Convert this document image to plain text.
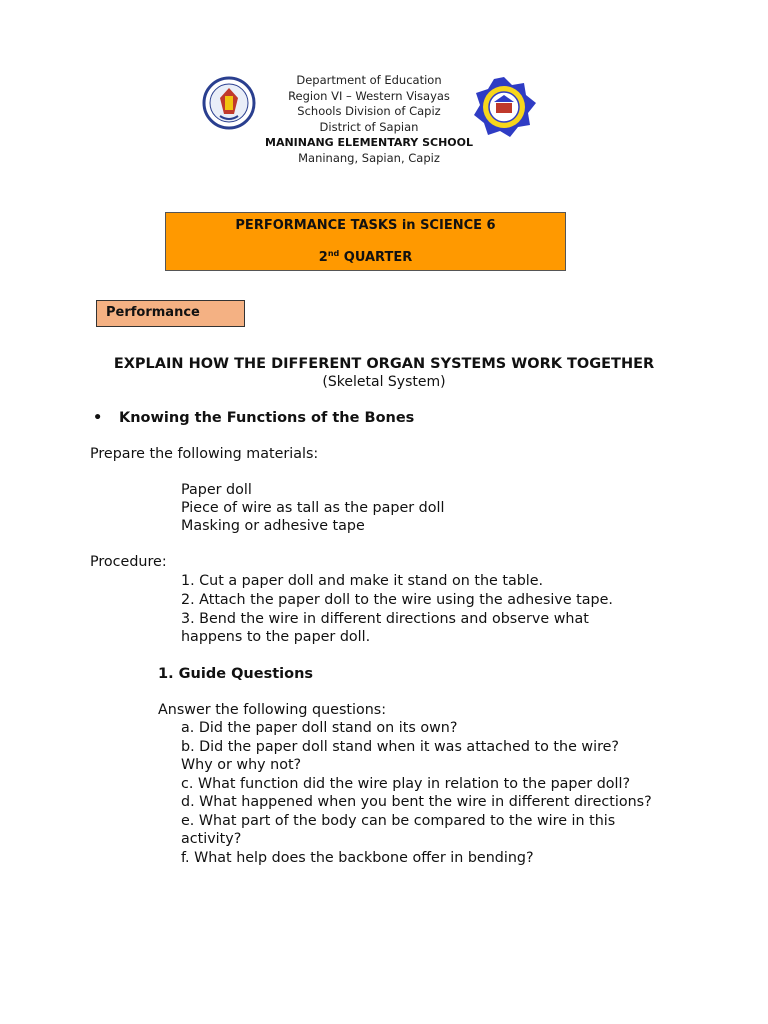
Department of Education
Region VI – Western Visayas
Schools Division of Capiz
District of Sapian
MANINANG ELEMENTARY SCHOOL
Maninang, Sapian, Capiz
PERFORMANCE TASKS in SCIENCE 6
2nd QUARTER
Performance
EXPLAIN HOW THE DIFFERENT ORGAN SYSTEMS WORK TOGETHER
(Skeletal System)
• Knowing the Functions of the Bones
Prepare the following materials:
Paper doll
Piece of wire as tall as the paper doll
Masking or adhesive tape
Procedure:
1. Cut a paper doll and make it stand on the table.
2. Attach the paper doll to the wire using the adhesive tape.
3. Bend the wire in different directions and observe what happens to the paper doll.
1. Guide Questions
Answer the following questions:
a. Did the paper doll stand on its own?
b. Did the paper doll stand when it was attached to the wire? Why or why not?
c. What function did the wire play in relation to the paper doll?
d. What happened when you bent the wire in different directions?
e. What part of the body can be compared to the wire in this activity?
f. What help does the backbone offer in bending?
